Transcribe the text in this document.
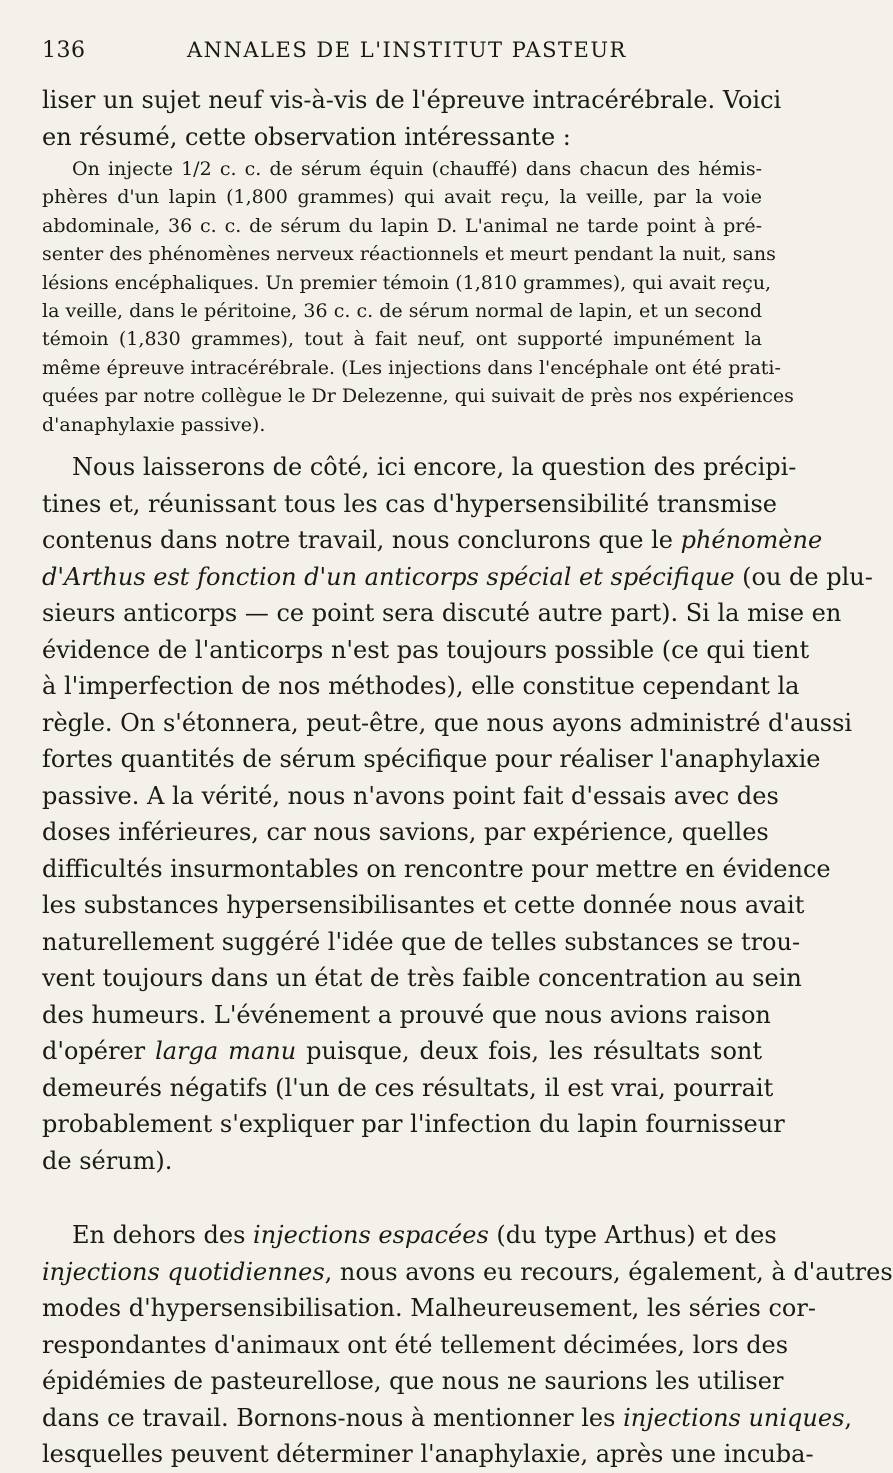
136	ANNALES DE L'INSTITUT PASTEUR
liser un sujet neuf vis-à-vis de l'épreuve intracérébrale. Voici
en résumé, cette observation intéressante :
On injecte 1/2 c. c. de sérum équin (chauffé) dans chacun des hémis-
phères d'un lapin (1,800 grammes) qui avait reçu, la veille, par la voie
abdominale, 36 c. c. de sérum du lapin D. L'animal ne tarde point à pré-
senter des phénomènes nerveux réactionnels et meurt pendant la nuit, sans
lésions encéphaliques. Un premier témoin (1,810 grammes), qui avait reçu,
la veille, dans le péritoine, 36 c. c. de sérum normal de lapin, et un second
témoin (1,830 grammes), tout à fait neuf, ont supporté impunément la
même épreuve intracérébrale. (Les injections dans l'encéphale ont été prati-
quées par notre collègue le Dr Delezenne, qui suivait de près nos expériences
d'anaphylaxie passive).
Nous laisserons de côté, ici encore, la question des précipi-
tines et, réunissant tous les cas d'hypersensibilité transmise
contenus dans notre travail, nous conclurons que le phénomène
d'Arthus est fonction d'un anticorps spécial et spécifique (ou de plu-
sieurs anticorps — ce point sera discuté autre part). Si la mise en
évidence de l'anticorps n'est pas toujours possible (ce qui tient
à l'imperfection de nos méthodes), elle constitue cependant la
règle. On s'étonnera, peut-être, que nous ayons administré d'aussi
fortes quantités de sérum spécifique pour réaliser l'anaphylaxie
passive. A la vérité, nous n'avons point fait d'essais avec des
doses inférieures, car nous savions, par expérience, quelles
difficultés insurmontables on rencontre pour mettre en évidence
les substances hypersensibilisantes et cette donnée nous avait
naturellement suggéré l'idée que de telles substances se trou-
vent toujours dans un état de très faible concentration au sein
des humeurs. L'événement a prouvé que nous avions raison
d'opérer larga manu puisque, deux fois, les résultats sont
demeurés négatifs (l'un de ces résultats, il est vrai, pourrait
probablement s'expliquer par l'infection du lapin fournisseur
de sérum).
En dehors des injections espacées (du type Arthus) et des
injections quotidiennes, nous avons eu recours, également, à d'autres
modes d'hypersensibilisation. Malheureusement, les séries cor-
respondantes d'animaux ont été tellement décimées, lors des
épidémies de pasteurellose, que nous ne saurions les utiliser
dans ce travail. Bornons-nous à mentionner les injections uniques,
lesquelles peuvent déterminer l'anaphylaxie, après une incuba-
